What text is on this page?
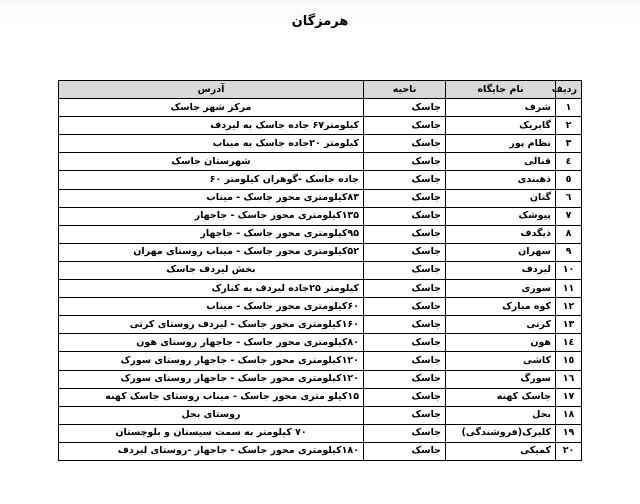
هرمزگان
ردیف	نام جایگاه	ناحیه	آدرس
۱	شرف	جاسک	مرکز شهر جاسک
۲	گابریک	جاسک	کیلومتر۶۷ جاده جاسک به لیردف
۳	نظام پور	جاسک	کیلومتر ۲۰جاده جاسک به میناب
٤	قنالی	جاسک	شهرستان جاسک
٥	ذهبندی	جاسک	جاده جاسک -گوهران کیلومتر ۶۰
٦	گتان	جاسک	۸۳کیلومتری محور جاسک - میناب
٧	پیوشک	جاسک	۱۳۵کیلومتری محور جاسک - جاجهار
۸	ذیگدف	جاسک	۹۵کیلومتری محور جاسک - جاجهار
٩	سهران	جاسک	۵۲کیلومتری محور جاسک - میناب روستای مهران
۱۰	لیردف	جاسک	بخش لیردف جاسک
۱۱	سوری	جاسک	کیلومتر ۲۵جاده لیردف به کنارک
۱۲	کوه مبارک	جاسک	۶۰کیلومتری محور جاسک - میناب
۱۳	کرتی	جاسک	۱۶۰کیلومتری محور جاسک - لیردف روستای کرتی
۱٤	هون	جاسک	۸۰کیلومتری محور جاسک - جاجهار روستای هون
۱٥	کاشی	جاسک	۱۲۰کیلومتری محور جاسک - جاجهار روستای سورک
۱٦	سورگ	جاسک	۱۲۰کیلومتری محور جاسک - جاجهار روستای سورک
۱۷	جاسک کهنه	جاسک	۱۵کیلو متری محور جاسک - میناب روستای جاسک کهنه
۱۸	بحل	جاسک	روستای بحل
۱۹	کلیرک(فروشندگی)	جاسک	۷۰ کیلومتر به سمت سیستان و بلوچستان
۲۰	کمیکی	جاسک	۱۸۰کیلومتری محور جاسک - جاجهار -روستای لیردف
